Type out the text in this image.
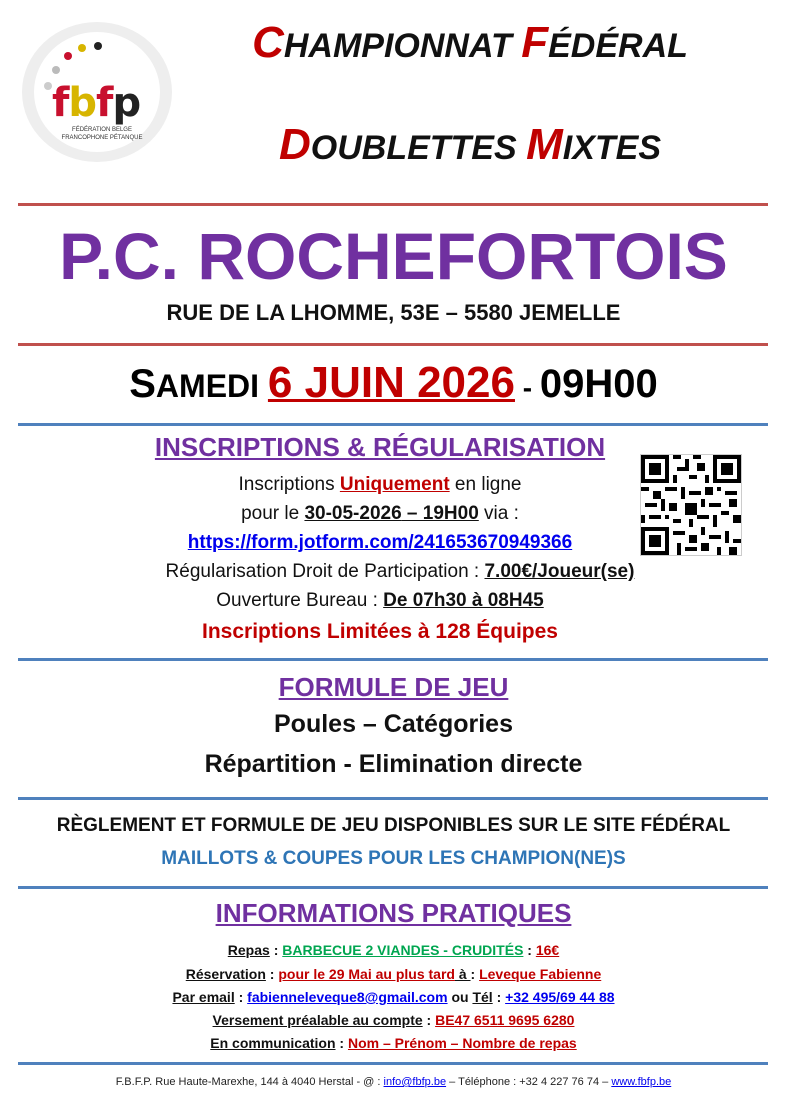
fbfp
FÉDÉRATION BELGE
FRANCOPHONE PÉTANQUE
CHAMPIONNAT FÉDÉRAL
DOUBLETTES MIXTES
P.C. ROCHEFORTOIS
RUE DE LA LHOMME, 53E – 5580 JEMELLE
SAMEDI 6 JUIN 2026 - 09H00
INSCRIPTIONS & RÉGULARISATION
Inscriptions Uniquement en ligne
pour le 30-05-2026 – 19H00 via :
https://form.jotform.com/241653670949366
Régularisation Droit de Participation : 7.00€/Joueur(se)
Ouverture Bureau : De 07h30 à 08H45
Inscriptions Limitées à 128 Équipes
FORMULE DE JEU
Poules – Catégories
Répartition - Elimination directe
RÈGLEMENT ET FORMULE DE JEU DISPONIBLES SUR LE SITE FÉDÉRAL
MAILLOTS & COUPES POUR LES CHAMPION(NE)S
INFORMATIONS PRATIQUES
Repas : BARBECUE 2 VIANDES - CRUDITÉS : 16€
Réservation : pour le 29 Mai au plus tard à : Leveque Fabienne
Par email : fabienneleveque8@gmail.com ou Tél : +32 495/69 44 88
Versement préalable au compte : BE47 6511 9695 6280
En communication : Nom – Prénom – Nombre de repas
F.B.F.P. Rue Haute-Marexhe, 144 à 4040 Herstal - @ : info@fbfp.be – Téléphone : +32 4 227 76 74 – www.fbfp.be
